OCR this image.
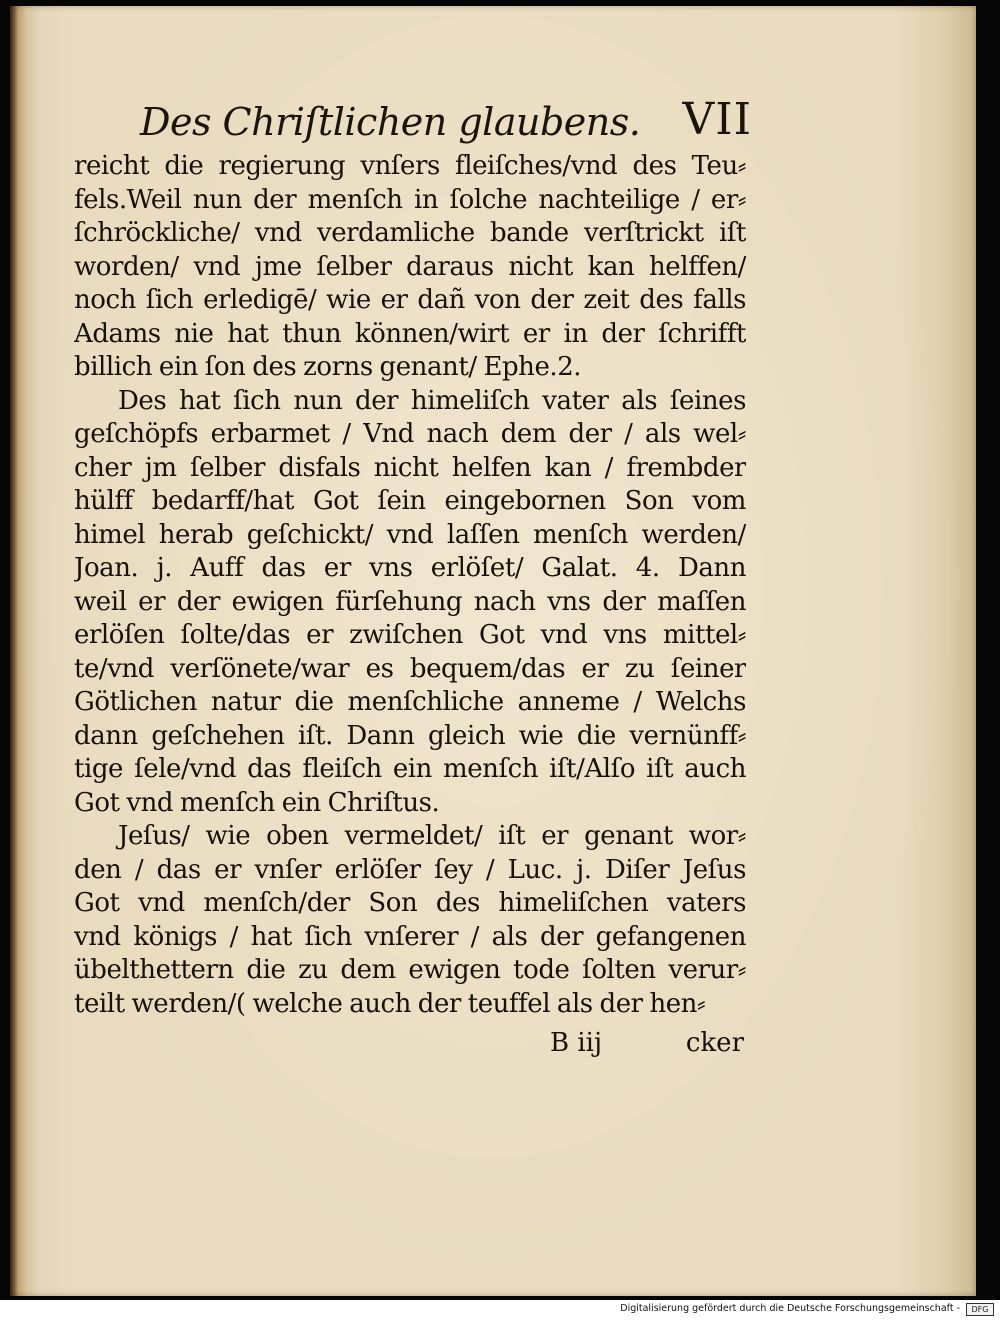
Des Chriſtlichen glaubens. VII
reicht die regierung vnſers fleiſches/vnd des Teu⸗
fels.Weil nun der menſch in ſolche nachteilige / er⸗
ſchröckliche/ vnd verdamliche bande verſtrickt iſt
worden/ vnd jme ſelber daraus nicht kan helffen/
noch ſich erledigē/ wie er dañ von der zeit des falls
Adams nie hat thun können/wirt er in der ſchrifft
billich ein ſon des zorns genant/ Ephe.2.
Des hat ſich nun der himeliſch vater als ſeines
geſchöpfs erbarmet / Vnd nach dem der / als wel⸗
cher jm ſelber disfals nicht helfen kan / frembder
hülff bedarff/hat Got ſein eingebornen Son vom
himel herab geſchickt/ vnd laſſen menſch werden/
Joan. j. Auff das er vns erlöſet/ Galat. 4. Dann
weil er der ewigen fürſehung nach vns der maſſen
erlöſen ſolte/das er zwiſchen Got vnd vns mittel⸗
te/vnd verſönete/war es bequem/das er zu ſeiner
Götlichen natur die menſchliche anneme / Welchs
dann geſchehen iſt. Dann gleich wie die vernünff⸗
tige ſele/vnd das fleiſch ein menſch iſt/Alſo iſt auch
Got vnd menſch ein Chriſtus.
Jeſus/ wie oben vermeldet/ iſt er genant wor⸗
den / das er vnſer erlöſer ſey / Luc. j. Diſer Jeſus
Got vnd menſch/der Son des himeliſchen vaters
vnd königs / hat ſich vnſerer / als der gefangenen
übelthettern die zu dem ewigen tode ſolten verur⸗
teilt werden/( welche auch der teuffel als der hen⸗
B iij	cker
Digitalisierung gefördert durch die Deutsche Forschungsgemeinschaft -	DFG
